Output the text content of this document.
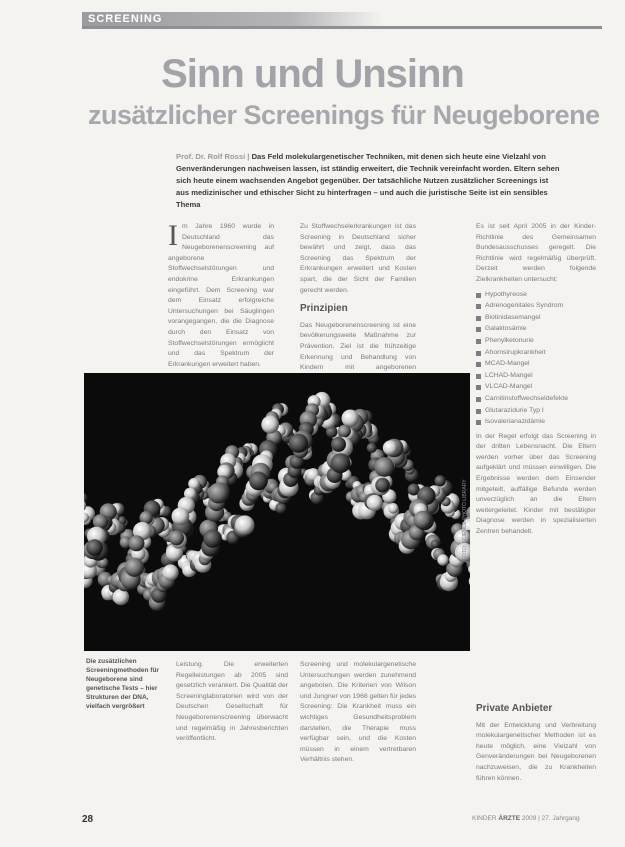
SCREENING
Sinn und Unsinn
zusätzlicher Screenings für Neugeborene
Prof. Dr. Rolf Rossi | Das Feld molekulargenetischer Techniken, mit denen sich heute eine Vielzahl von Genveränderungen nachweisen lassen, ist ständig erweitert, die Technik vereinfacht worden. Eltern sehen sich heute einem wachsenden Angebot gegenüber. Der tatsächliche Nutzen zusätzlicher Screenings ist aus medizinischer und ethischer Sicht zu hinterfragen – und auch die juristische Seite ist ein sensibles Thema

Im Jahre 1960 wurde in Deutschland das Neugeborenenscreening auf angeborene Stoffwechselstörungen und endokrine Erkrankungen eingeführt. Dem Screening war dem Einsatz erfolgreiche Untersuchungen bei Säuglingen vorangegangen, die die Diagnose durch den Einsatz von Stoffwechselstörungen ermöglicht und das Spektrum der Erkrankungen erweitert haben.

Zu Stoffwechselerkrankungen ist das Screening in Deutschland sicher bewährt und zeigt, dass das Screening das Spektrum der Erkrankungen erweitert und Kosten spart, die der Sicht der Familien gerecht werden.

Prinzipien

Das Neugeborenenscreening ist eine bevölkerungsweite Maßnahme zur Prävention. Ziel ist die frühzeitige Erkennung und Behandlung von Kindern mit angeborenen

Es ist seit April 2005 in der Kinder-Richtlinie des Gemeinsamen Bundesausschusses geregelt. Die Richtlinie wird regelmäßig überprüft. Derzeit werden folgende Zielkrankheiten untersucht:

Hypothyreose
Adrenogenitales Syndrom
Biotinidasemangel
Galaktosämie
Phenylketonurie
Ahornsirupkrankheit
MCAD-Mangel
LCHAD-Mangel
VLCAD-Mangel
Carnitinstoffwechseldefekte
Glutarazidurie Typ I
Isovalerianazidämie

In der Regel erfolgt das Screening in der dritten Lebensnacht. Die Eltern werden vorher über das Screening aufgeklärt und müssen einwilligen. Die Ergebnisse werden dem Einsender mitgeteilt, auffällige Befunde werden unverzüglich an die Eltern weitergeleitet. Kinder mit bestätigter Diagnose werden in spezialisierten Zentren behandelt.

FOTO: SCIENCE PHOTO LIBRARY
Die zusätzlichen Screeningmethoden für Neugeborene sind genetische Tests – hier Strukturen der DNA, vielfach vergrößert

Leistung. Die erweiterten Regelleistungen ab 2005 sind gesetzlich verankert. Die Qualität der Screeninglaboratorien wird von der Deutschen Gesellschaft für Neugeborenenscreening überwacht und regelmäßig in Jahresberichten veröffentlicht.

Screening und molekulargenetische Untersuchungen werden zunehmend angeboten. Die Kriterien von Wilson und Jungner von 1968 gelten für jedes Screening: Die Krankheit muss ein wichtiges Gesundheitsproblem darstellen, die Therapie muss verfügbar sein, und die Kosten müssen in einem vertretbaren Verhältnis stehen.

Private Anbieter

Mit der Entwicklung und Verbreitung molekulargenetischer Methoden ist es heute möglich, eine Vielzahl von Genveränderungen bei Neugeborenen nachzuweisen, die zu Krankheiten führen können.

28	KINDER ÄRZTE 2009 | 27. Jahrgang
